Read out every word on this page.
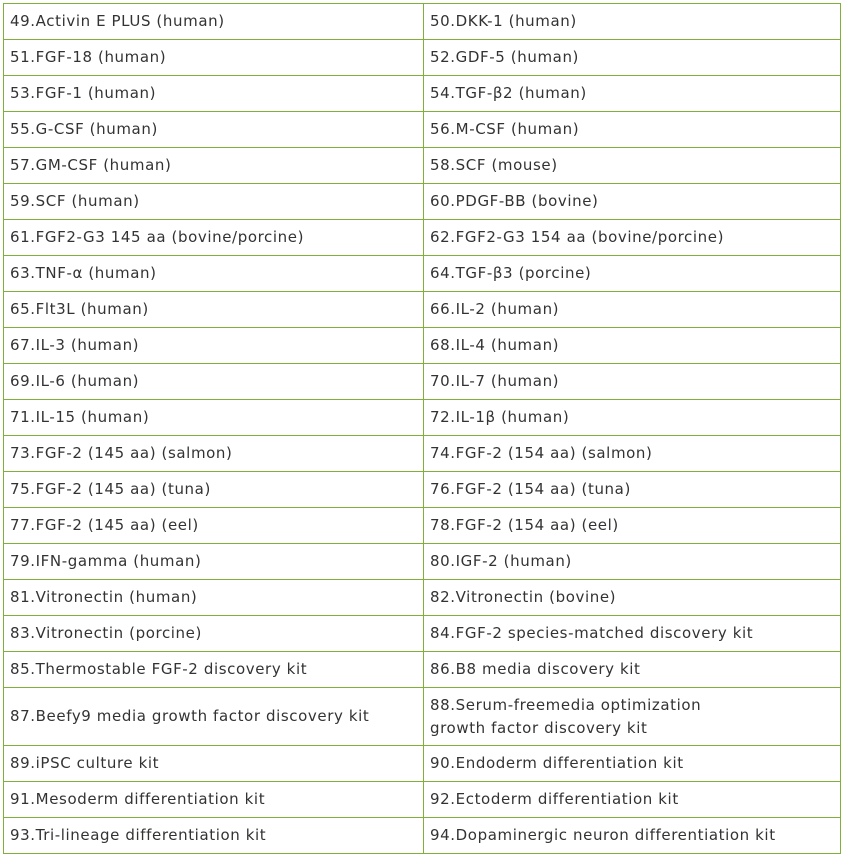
49.Activin E PLUS (human)	50.DKK-1 (human)
51.FGF-18 (human)	52.GDF-5 (human)
53.FGF-1 (human)	54.TGF-β2 (human)
55.G-CSF (human)	56.M-CSF (human)
57.GM-CSF (human)	58.SCF (mouse)
59.SCF (human)	60.PDGF-BB (bovine)
61.FGF2-G3 145 aa (bovine/porcine)	62.FGF2-G3 154 aa (bovine/porcine)
63.TNF-α (human)	64.TGF-β3 (porcine)
65.Flt3L (human)	66.IL-2 (human)
67.IL-3 (human)	68.IL-4 (human)
69.IL-6 (human)	70.IL-7 (human)
71.IL-15 (human)	72.IL-1β (human)
73.FGF-2 (145 aa) (salmon)	74.FGF-2 (154 aa) (salmon)
75.FGF-2 (145 aa) (tuna)	76.FGF-2 (154 aa) (tuna)
77.FGF-2 (145 aa) (eel)	78.FGF-2 (154 aa) (eel)
79.IFN-gamma (human)	80.IGF-2 (human)
81.Vitronectin (human)	82.Vitronectin (bovine)
83.Vitronectin (porcine)	84.FGF-2 species-matched discovery kit
85.Thermostable FGF-2 discovery kit	86.B8 media discovery kit
87.Beefy9 media growth factor discovery kit	88.Serum-freemedia optimization
growth factor discovery kit

89.iPSC culture kit	90.Endoderm differentiation kit
91.Mesoderm differentiation kit	92.Ectoderm differentiation kit
93.Tri-lineage differentiation kit	94.Dopaminergic neuron differentiation kit
